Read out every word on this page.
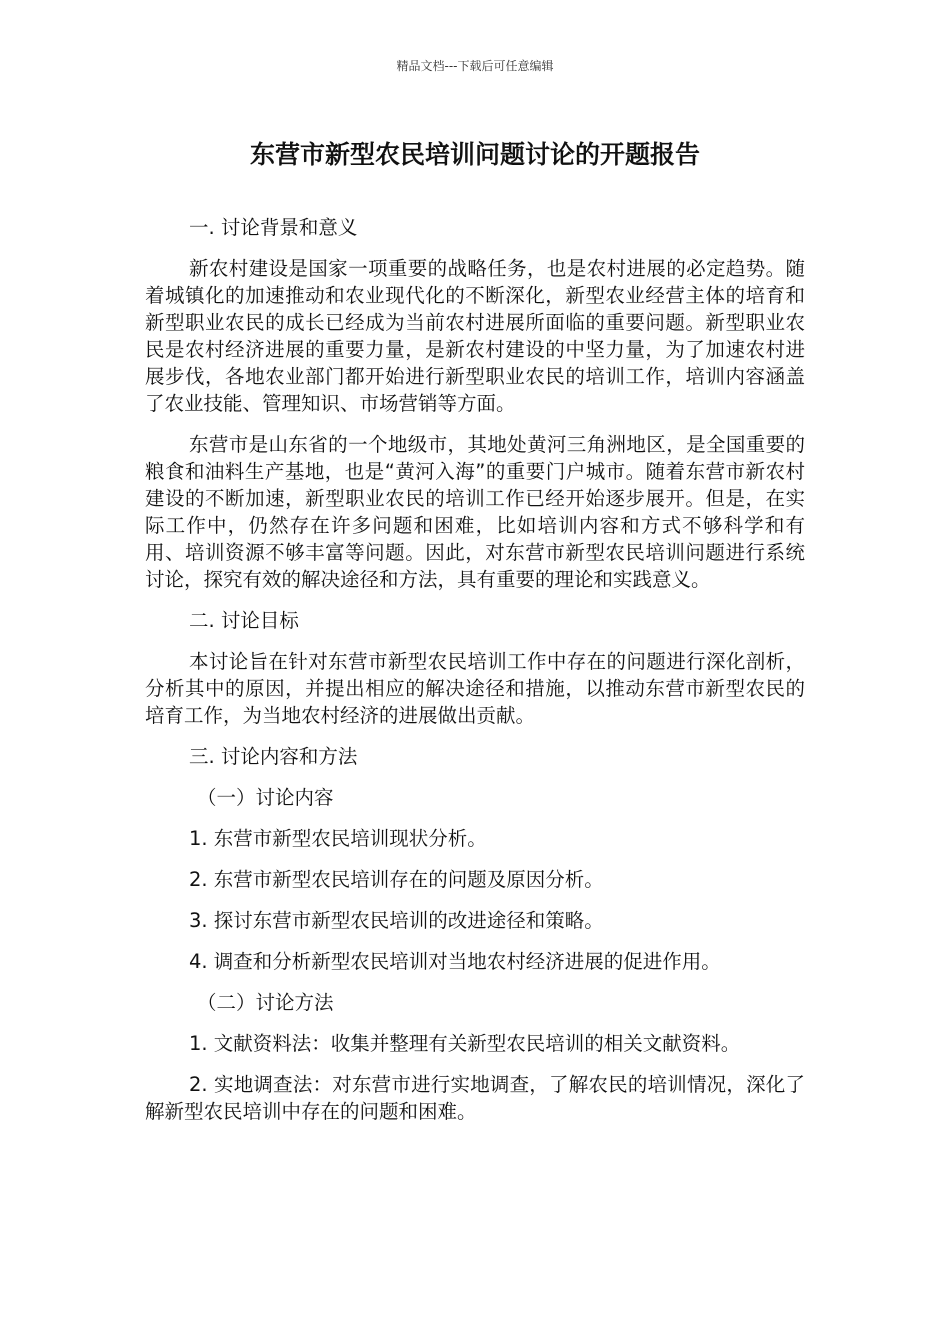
精品文档---下载后可任意编辑
东营市新型农民培训问题讨论的开题报告
一. 讨论背景和意义
新农村建设是国家一项重要的战略任务，也是农村进展的必定趋势。随着城镇化的加速推动和农业现代化的不断深化，新型农业经营主体的培育和新型职业农民的成长已经成为当前农村进展所面临的重要问题。新型职业农民是农村经济进展的重要力量，是新农村建设的中坚力量，为了加速农村进展步伐，各地农业部门都开始进行新型职业农民的培训工作，培训内容涵盖了农业技能、管理知识、市场营销等方面。
东营市是山东省的一个地级市，其地处黄河三角洲地区，是全国重要的粮食和油料生产基地，也是“黄河入海”的重要门户城市。随着东营市新农村建设的不断加速，新型职业农民的培训工作已经开始逐步展开。但是，在实际工作中，仍然存在许多问题和困难，比如培训内容和方式不够科学和有用、培训资源不够丰富等问题。因此，对东营市新型农民培训问题进行系统讨论，探究有效的解决途径和方法，具有重要的理论和实践意义。
二. 讨论目标
本讨论旨在针对东营市新型农民培训工作中存在的问题进行深化剖析，分析其中的原因，并提出相应的解决途径和措施，以推动东营市新型农民的培育工作，为当地农村经济的进展做出贡献。
三. 讨论内容和方法
（一）讨论内容
1. 东营市新型农民培训现状分析。
2. 东营市新型农民培训存在的问题及原因分析。
3. 探讨东营市新型农民培训的改进途径和策略。
4. 调查和分析新型农民培训对当地农村经济进展的促进作用。
（二）讨论方法
1. 文献资料法：收集并整理有关新型农民培训的相关文献资料。
2. 实地调查法：对东营市进行实地调查，了解农民的培训情况，深化了解新型农民培训中存在的问题和困难。
